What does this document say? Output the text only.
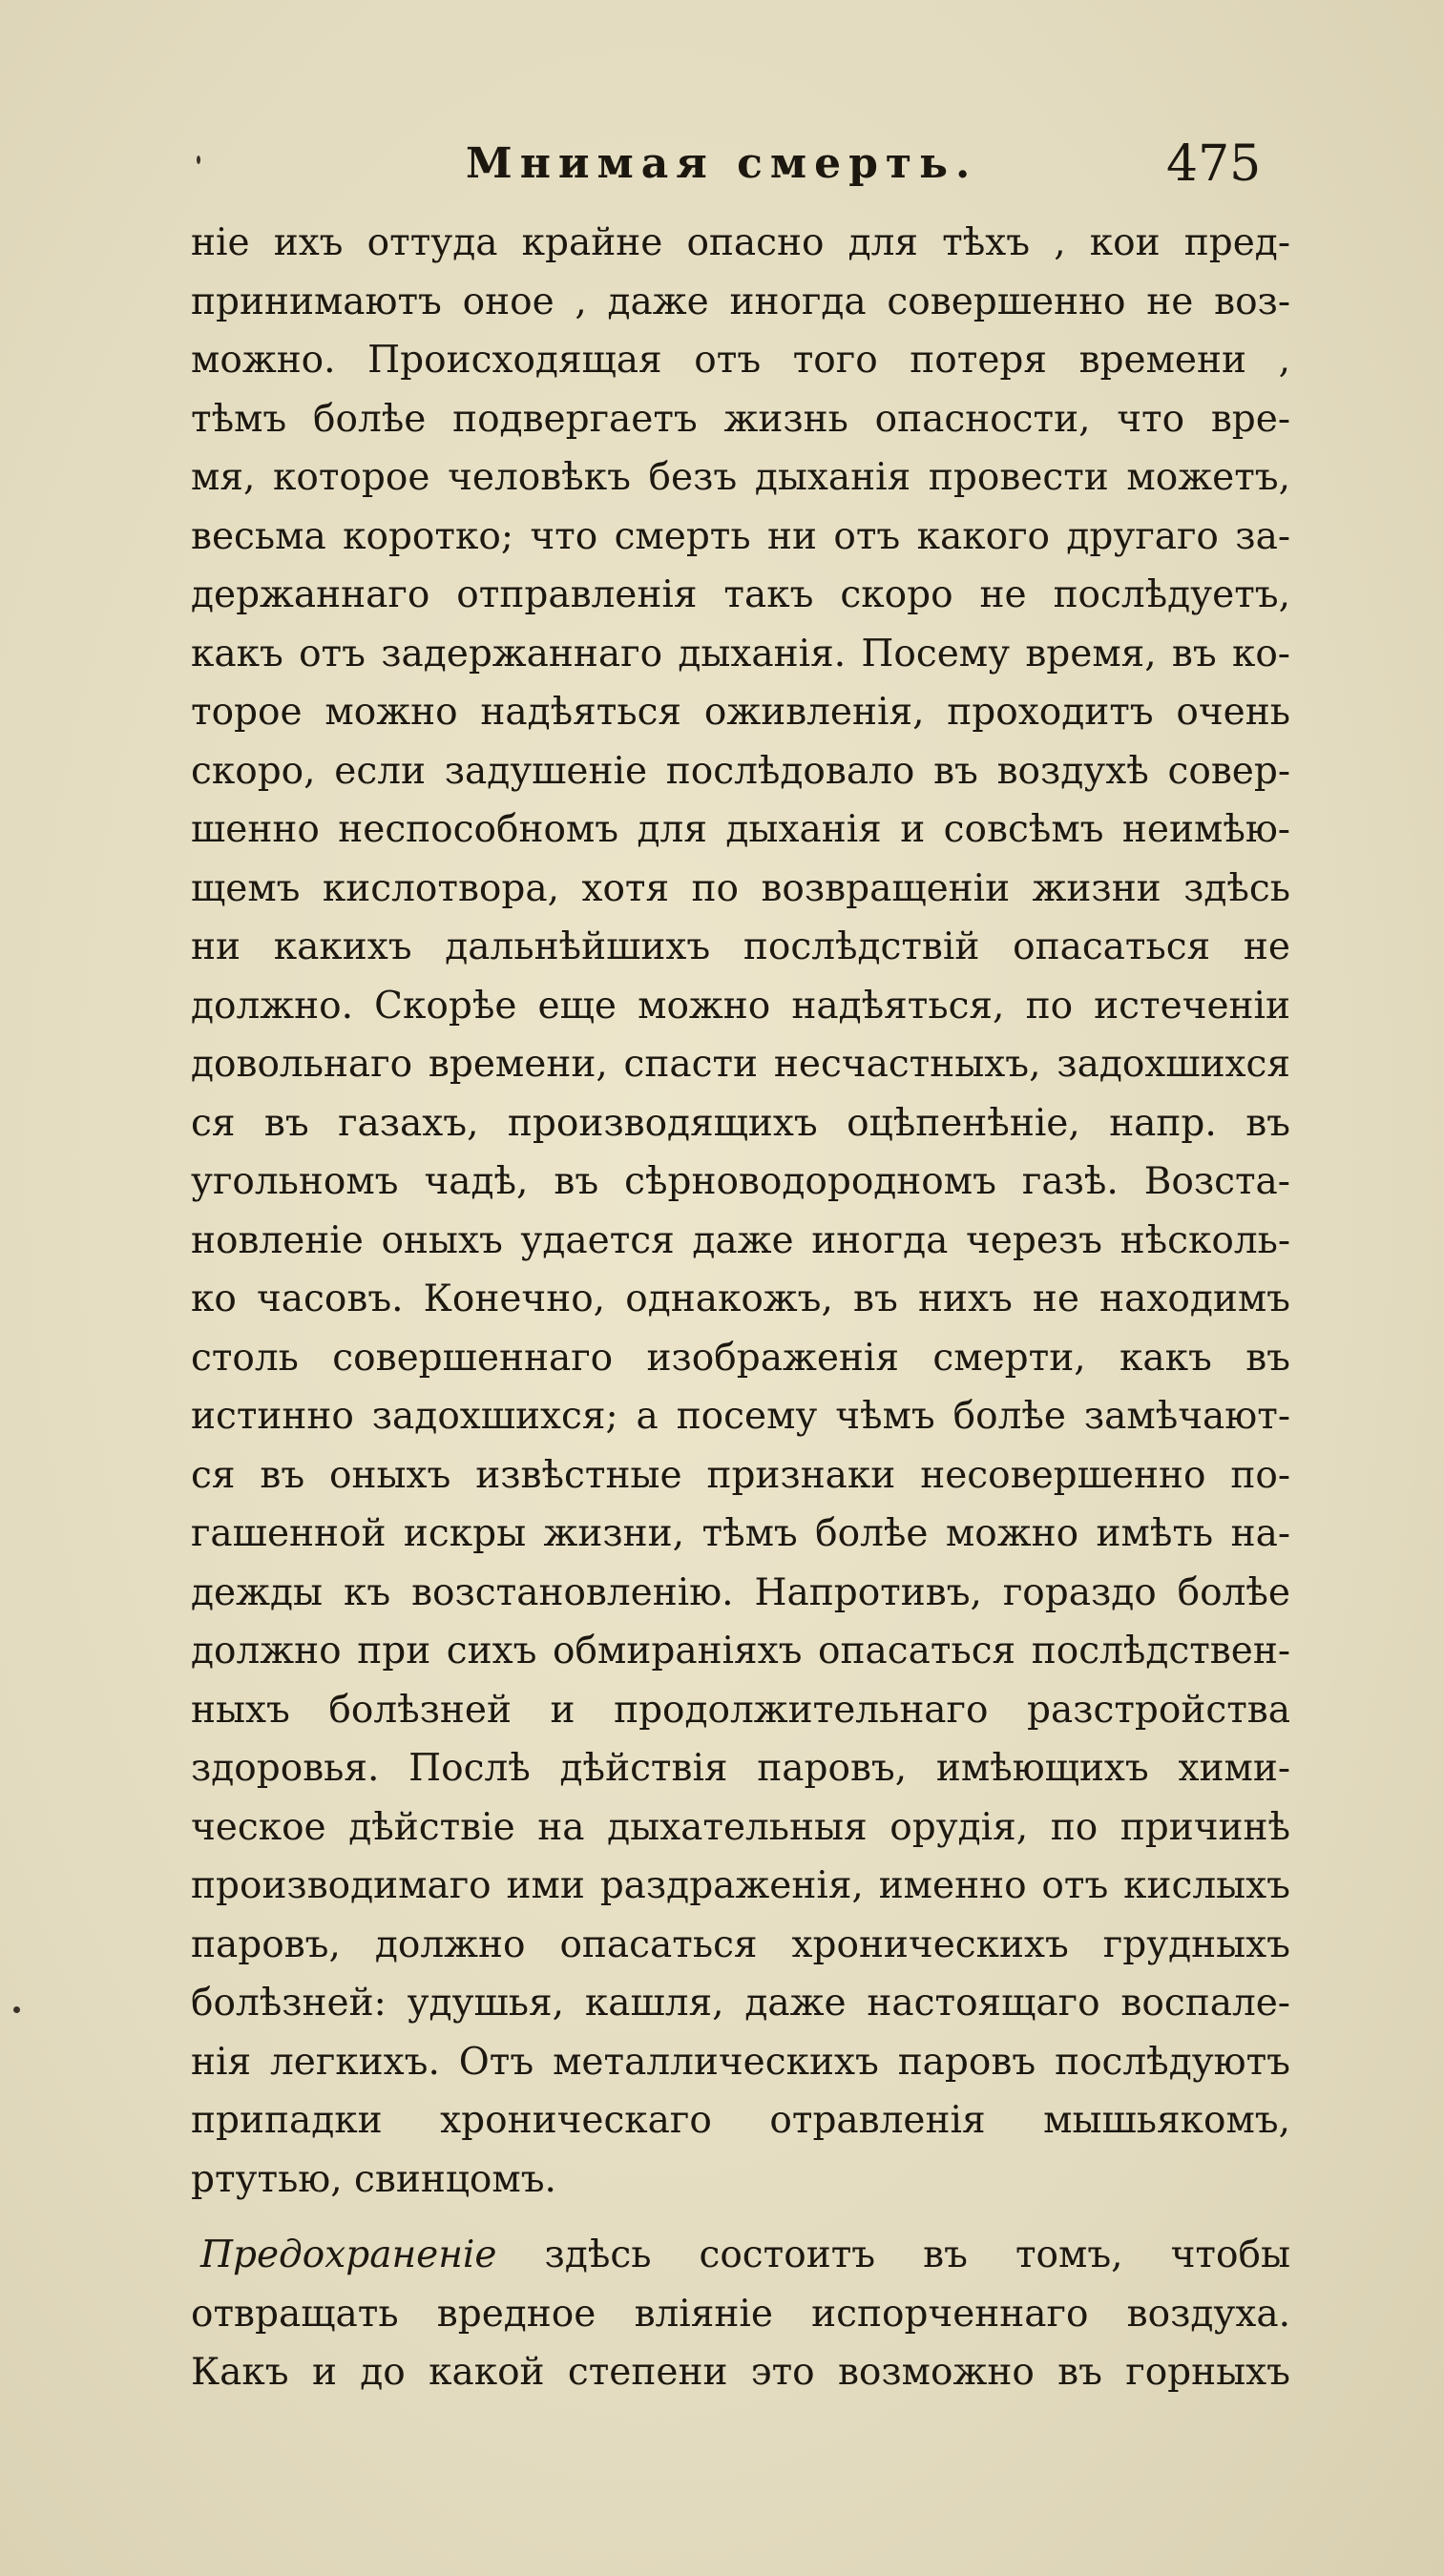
Мнимая смерть.	475
ніе ихъ оттуда крайне опасно для тѣхъ , кои пред-
принимаютъ оное , даже иногда совершенно не воз-
можно. Происходящая отъ того потеря времени ,
тѣмъ болѣе подвергаетъ жизнь опасности, что вре-
мя, которое человѣкъ безъ дыханія провести можетъ,
весьма коротко; что смерть ни отъ какого другаго за-
держаннаго отправленія такъ скоро не послѣдуетъ,
какъ отъ задержаннаго дыханія. Посему время, въ ко-
торое можно надѣяться оживленія, проходитъ очень
скоро, если задушеніе послѣдовало въ воздухѣ совер-
шенно неспособномъ для дыханія и совсѣмъ неимѣю-
щемъ кислотвора, хотя по возвращеніи жизни здѣсь
ни какихъ дальнѣйшихъ послѣдствій опасаться не
должно. Скорѣе еще можно надѣяться, по истеченіи
довольнаго времени, спасти несчастныхъ, задохшихся
ся въ газахъ, производящихъ оцѣпенѣніе, напр. въ
угольномъ чадѣ, въ сѣрноводородномъ газѣ. Возста-
новленіе оныхъ удается даже иногда черезъ нѣсколь-
ко часовъ. Конечно, однакожъ, въ нихъ не находимъ
столь совершеннаго изображенія смерти, какъ въ
истинно задохшихся; а посему чѣмъ болѣе замѣчают-
ся въ оныхъ извѣстные признаки несовершенно по-
гашенной искры жизни, тѣмъ болѣе можно имѣть на-
дежды къ возстановленію. Напротивъ, гораздо болѣе
должно при сихъ обмираніяхъ опасаться послѣдствен-
ныхъ болѣзней и продолжительнаго разстройства
здоровья. Послѣ дѣйствія паровъ, имѣющихъ хими-
ческое дѣйствіе на дыхательныя орудія, по причинѣ
производимаго ими раздраженія, именно отъ кислыхъ
паровъ, должно опасаться хроническихъ грудныхъ
болѣзней: удушья, кашля, даже настоящаго воспале-
нія легкихъ. Отъ металлическихъ паровъ послѣдуютъ
припадки хроническаго отравленія мышьякомъ,
ртутью, свинцомъ.
Предохраненіе здѣсь состоитъ въ томъ, чтобы
отвращать вредное вліяніе испорченнаго воздуха.
Какъ и до какой степени это возможно въ горныхъ
